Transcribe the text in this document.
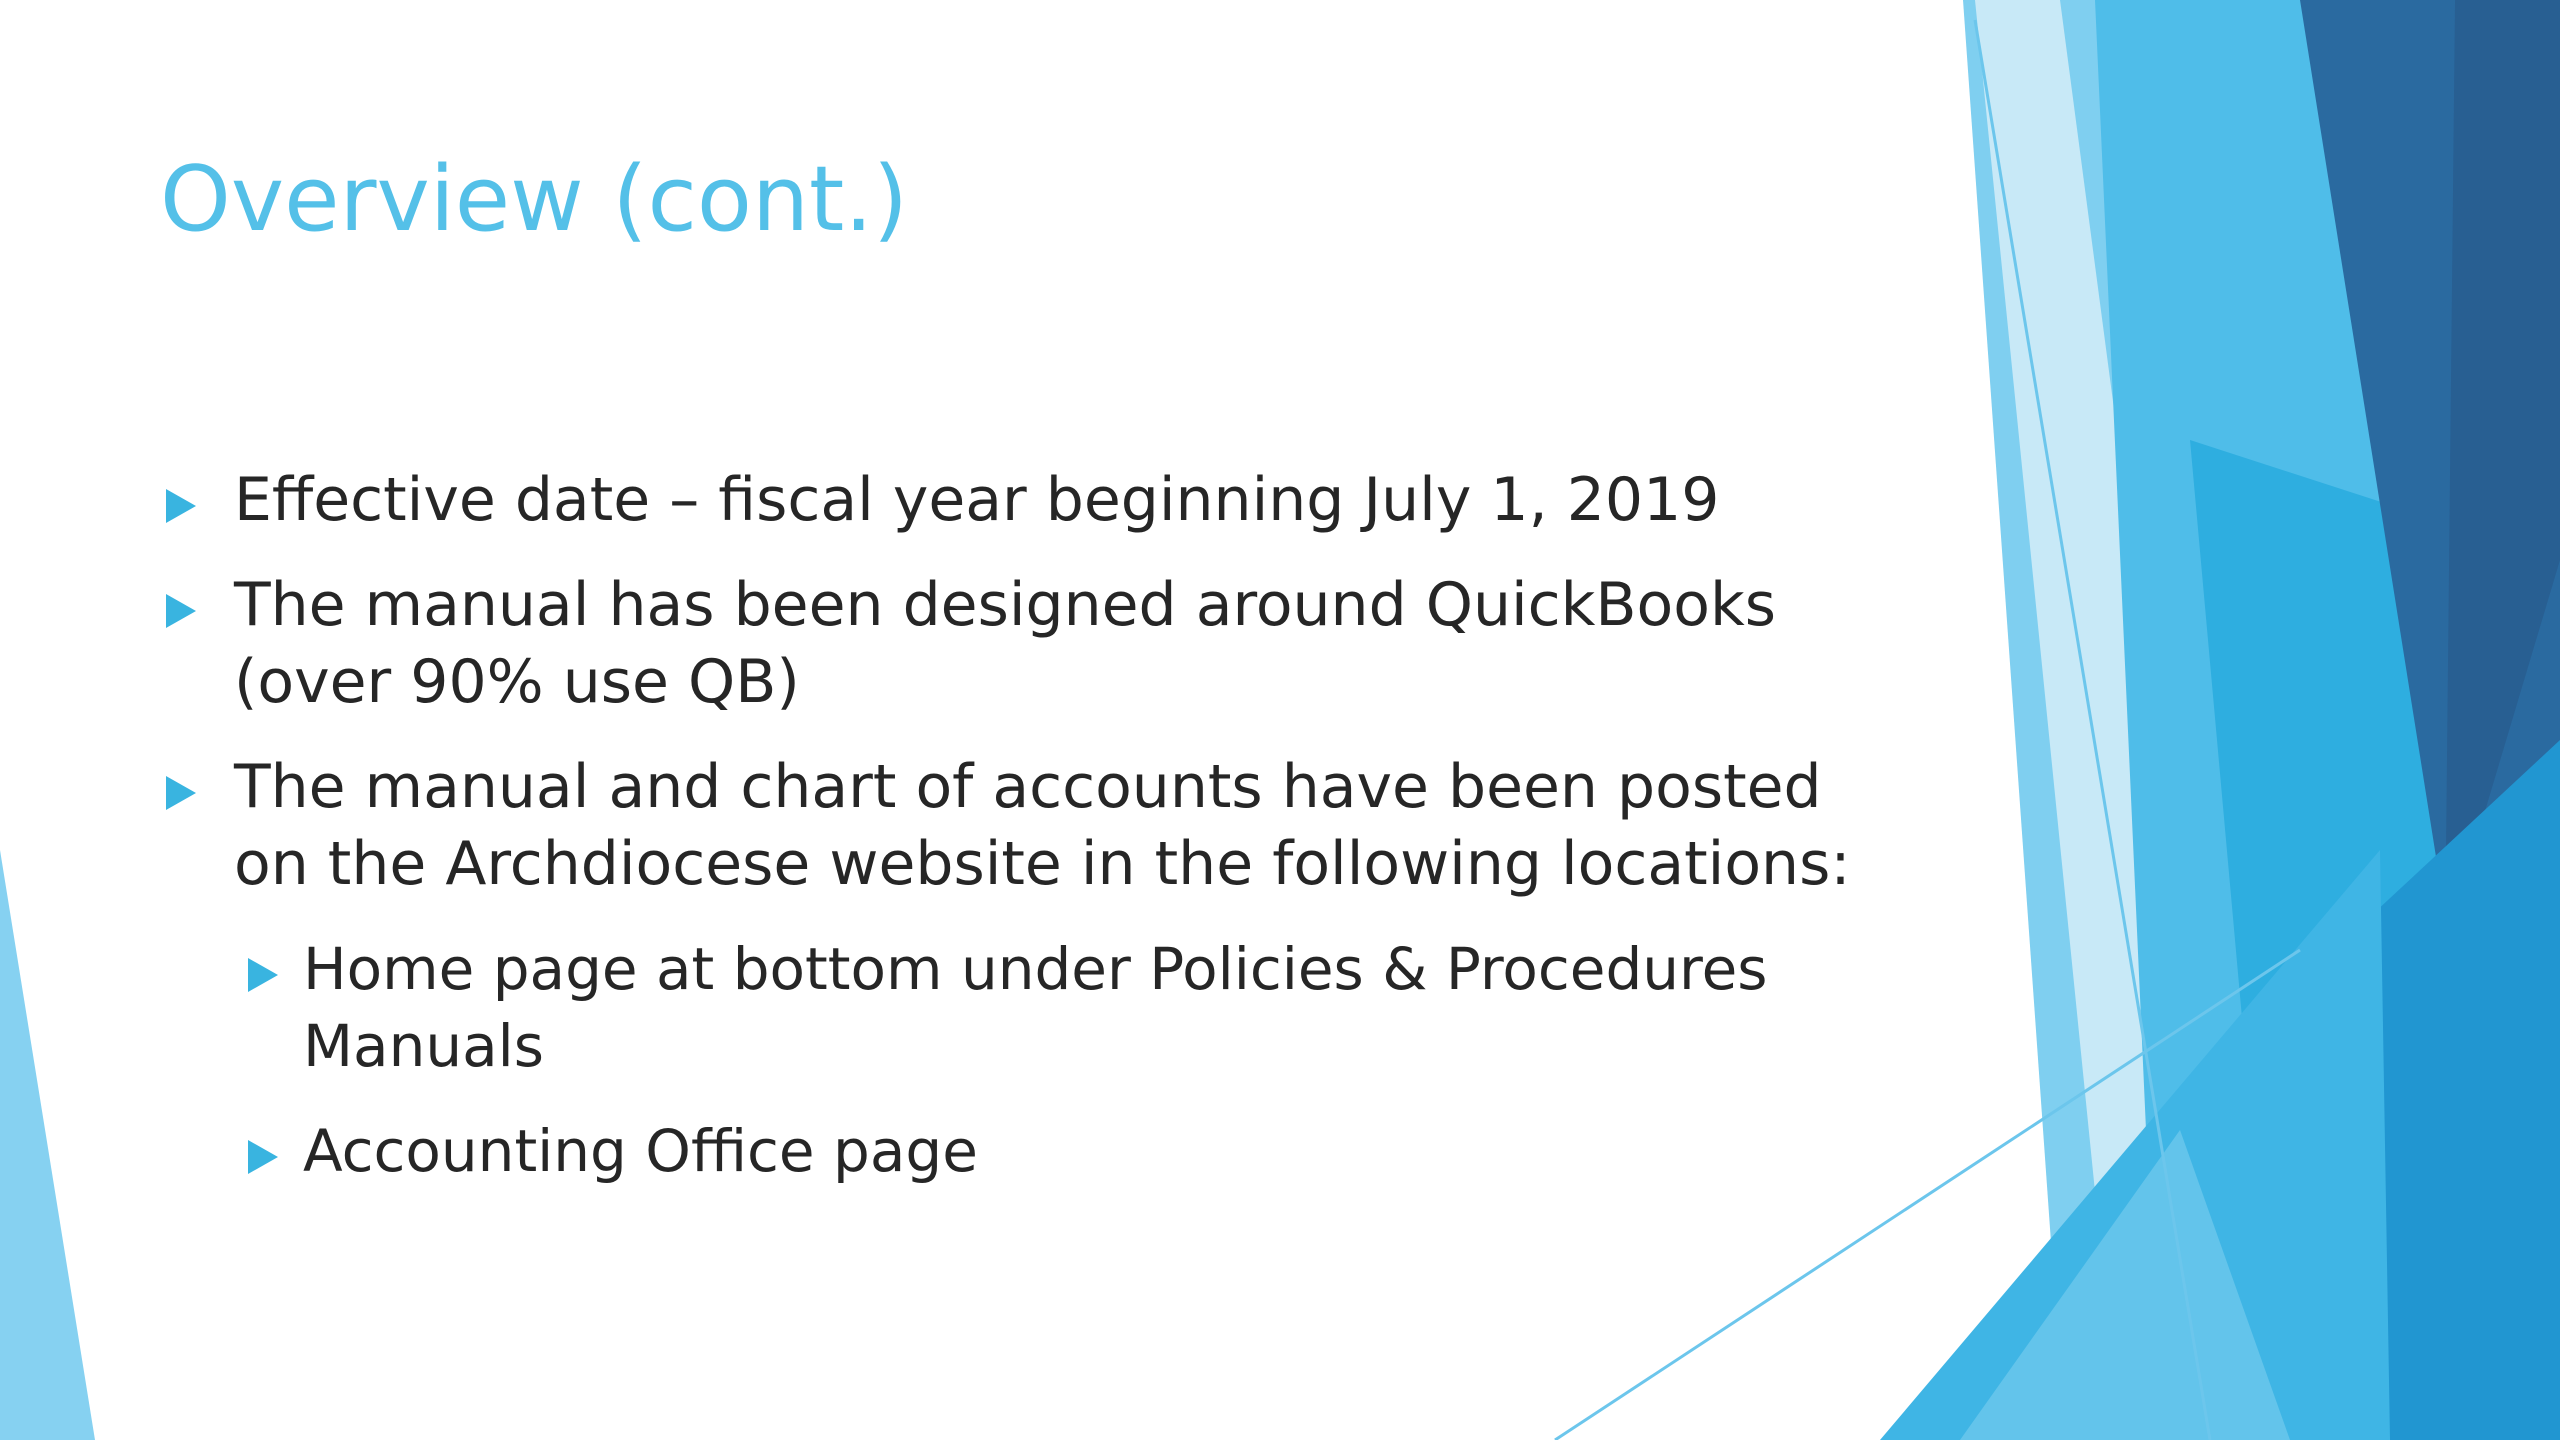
Overview (cont.)
Effective date – fiscal year beginning July 1, 2019
The manual has been designed around QuickBooks (over 90% use QB)
The manual and chart of accounts have been posted on the Archdiocese website in the following locations:
Home page at bottom under Policies & Procedures Manuals
Accounting Office page
